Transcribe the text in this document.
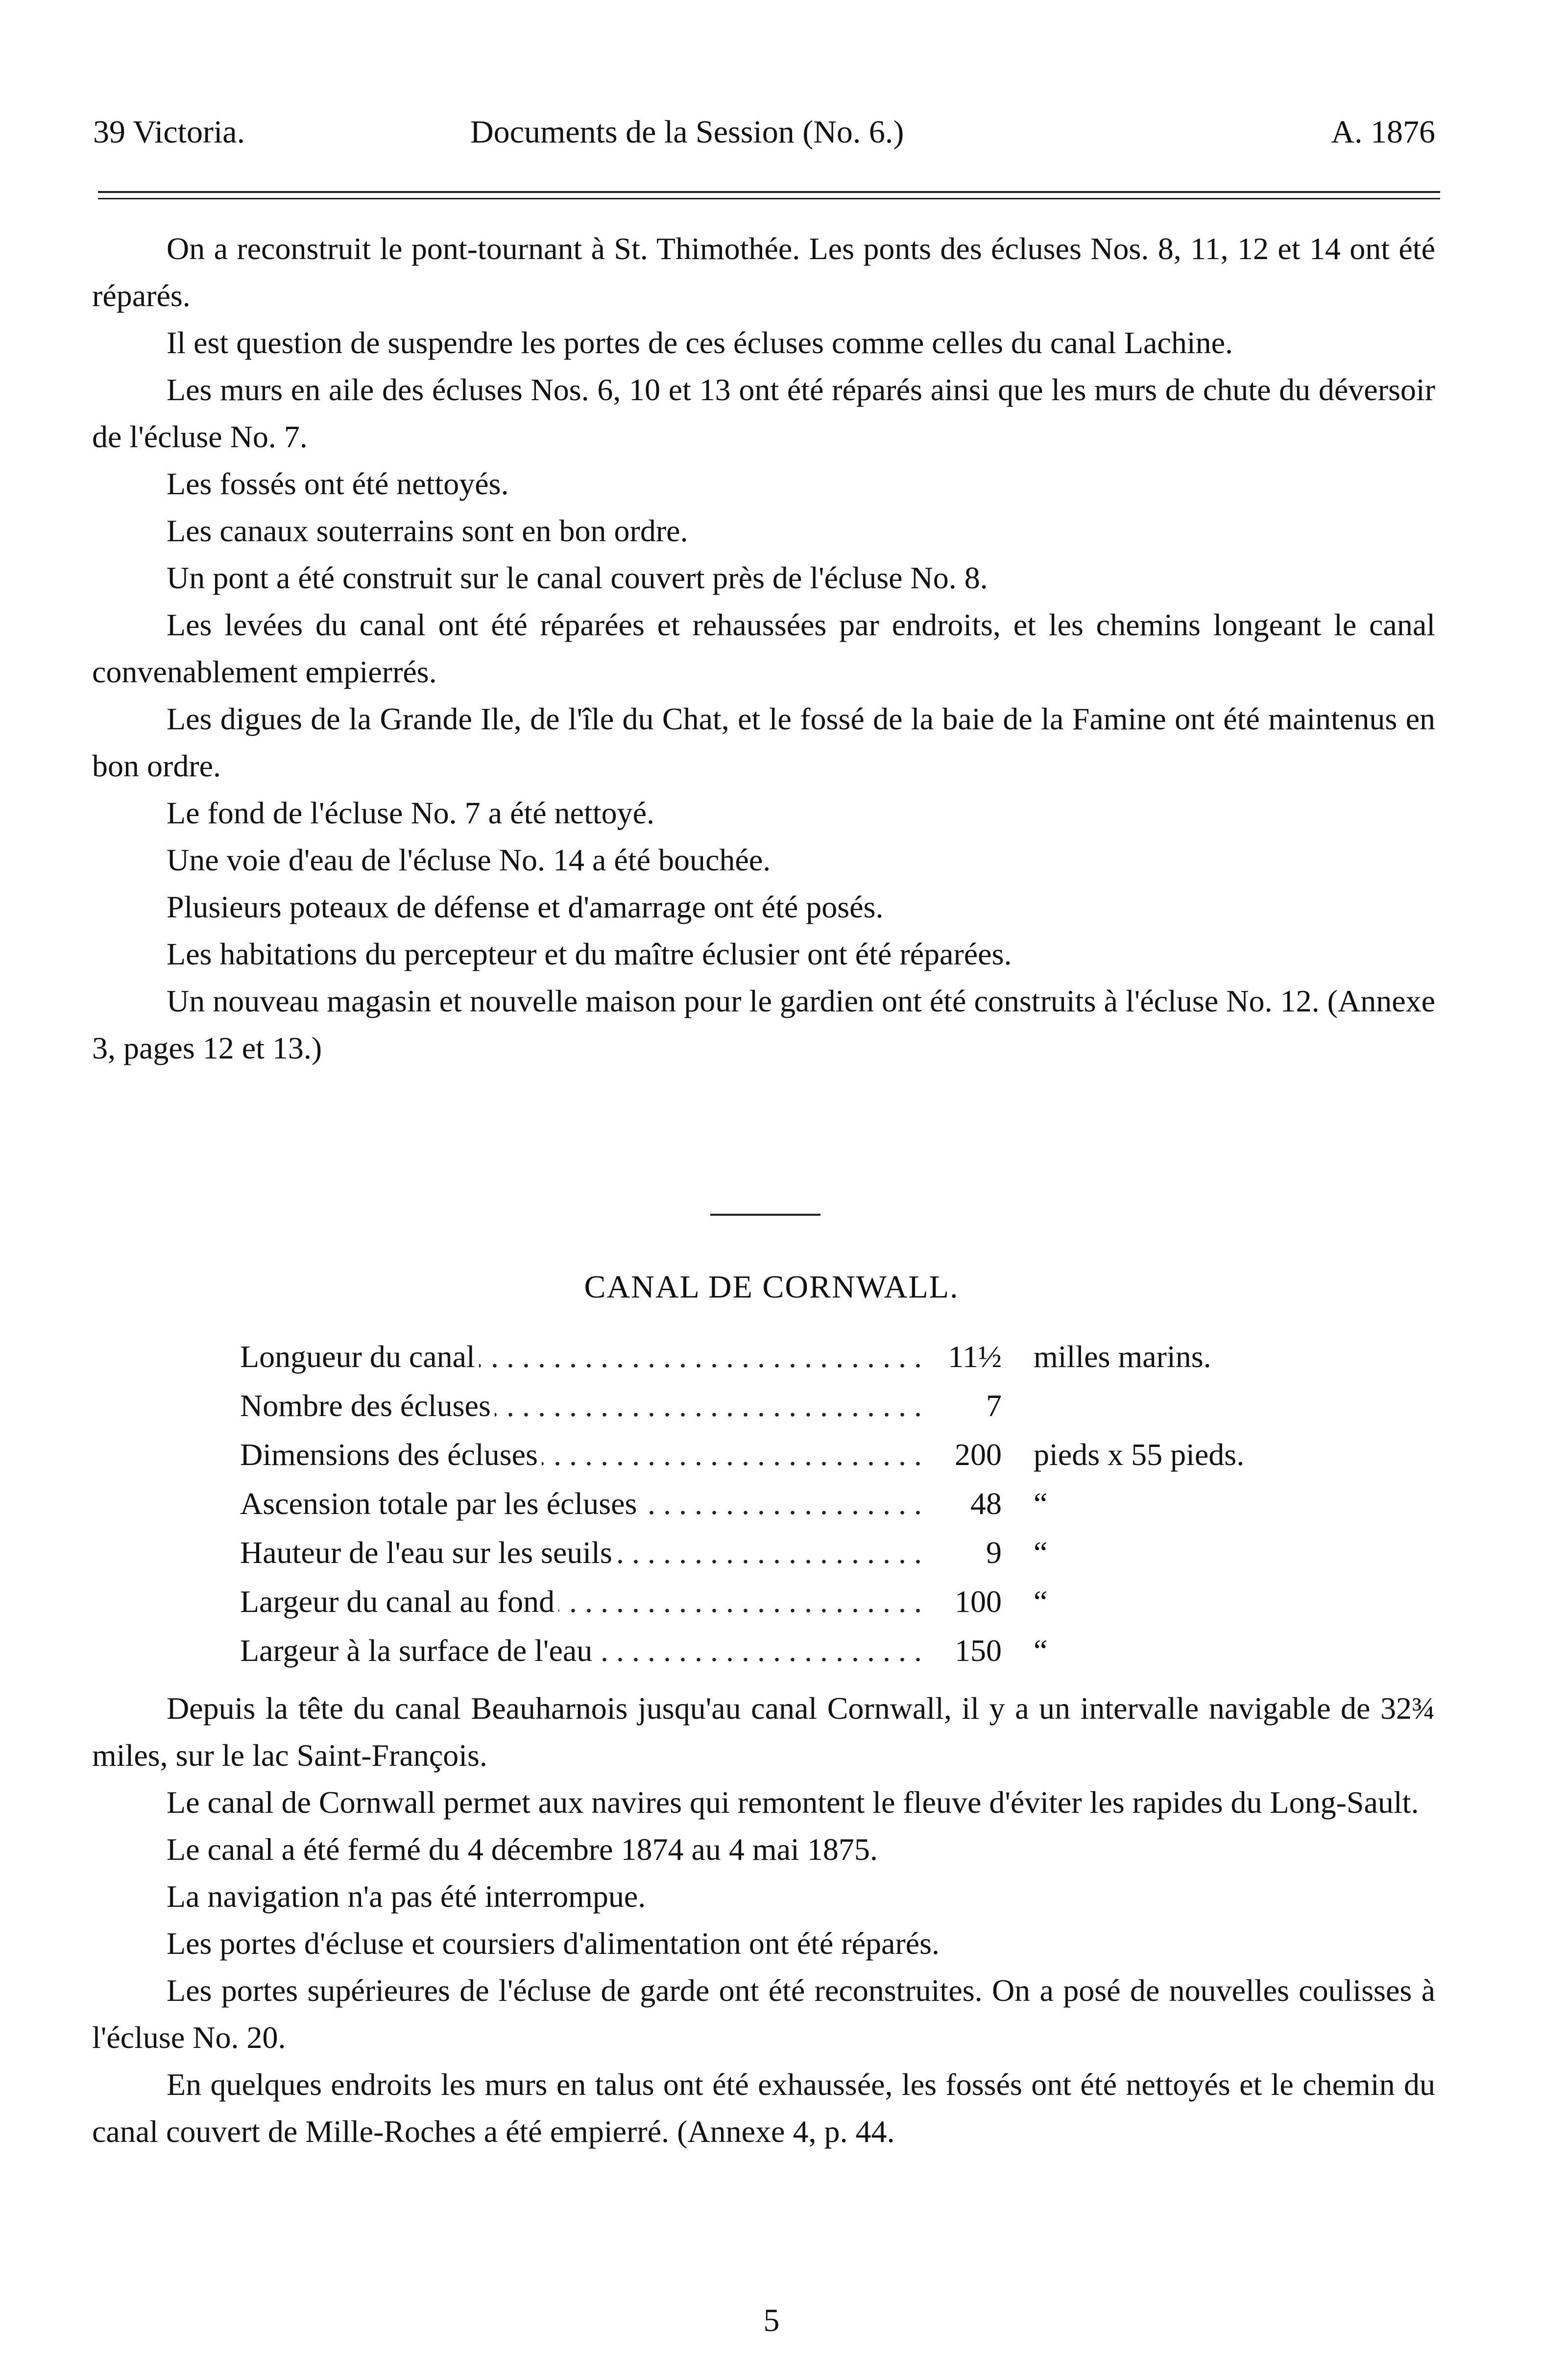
39 Victoria.	Documents de la Session (No. 6.)	A. 1876

On a reconstruit le pont-tournant à St. Thimothée. Les ponts des écluses Nos. 8, 11, 12 et 14 ont été réparés.

Il est question de suspendre les portes de ces écluses comme celles du canal Lachine.

Les murs en aile des écluses Nos. 6, 10 et 13 ont été réparés ainsi que les murs de chute du déversoir de l'écluse No. 7.

Les fossés ont été nettoyés.

Les canaux souterrains sont en bon ordre.

Un pont a été construit sur le canal couvert près de l'écluse No. 8.

Les levées du canal ont été réparées et rehaussées par endroits, et les chemins longeant le canal convenablement empierrés.

Les digues de la Grande Ile, de l'île du Chat, et le fossé de la baie de la Famine ont été maintenus en bon ordre.

Le fond de l'écluse No. 7 a été nettoyé.

Une voie d'eau de l'écluse No. 14 a été bouchée.

Plusieurs poteaux de défense et d'amarrage ont été posés.

Les habitations du percepteur et du maître éclusier ont été réparées.

Un nouveau magasin et nouvelle maison pour le gardien ont été construits à l'écluse No. 12. (Annexe 3, pages 12 et 13.)

CANAL DE CORNWALL.
Longueur du canal . . .	11½ milles marins.
Nombre des écluses . . .	7
Dimensions des écluses . . .	200 pieds x 55 pieds.
Ascension totale par les écluses . . .	48 “
Hauteur de l'eau sur les seuils . . .	9 “
Largeur du canal au fond . . .	100 “
Largeur à la surface de l'eau . . .	150 “

Depuis la tête du canal Beauharnois jusqu'au canal Cornwall, il y a un intervalle navigable de 32¾ miles, sur le lac Saint-François.

Le canal de Cornwall permet aux navires qui remontent le fleuve d'éviter les rapides du Long-Sault.

Le canal a été fermé du 4 décembre 1874 au 4 mai 1875.

La navigation n'a pas été interrompue.

Les portes d'écluse et coursiers d'alimentation ont été réparés.

Les portes supérieures de l'écluse de garde ont été reconstruites. On a posé de nouvelles coulisses à l'écluse No. 20.

En quelques endroits les murs en talus ont été exhaussée, les fossés ont été nettoyés et le chemin du canal couvert de Mille-Roches a été empierré. (Annexe 4, p. 44.

5
